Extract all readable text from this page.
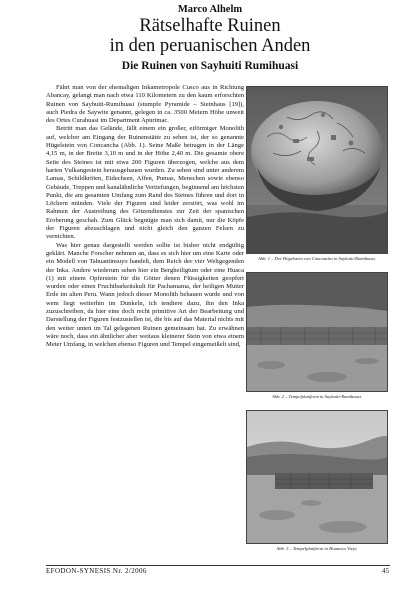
Marco Alhelm
Rätselhafte Ruinen
in den peruanischen Anden
Die Ruinen von Sayhuiti Rumihuasi

Fährt man von der ehemaligen Inkametropole Cusco aus in Richtung Abancay, gelangt man nach etwa 110 Kilometern zu den kaum erforschten Ruinen von Sayhuiti-Rumihuasi (stumpfe Pyramide – Steinhaus [19]), auch Piedra de Saywite genannt, gelegen in ca. 3500 Metern Höhe unweit des Ortes Curahuasi im Department Apurimac.

Betritt man das Gelände, fällt einem ein großer, eiförmiger Monolith auf, welcher am Eingang der Ruinenstätte zu sehen ist, der so genannte Hügelstein von Concancha (Abb. 1). Seine Maße betragen in der Länge 4,15 m, in der Breite 3,10 m und in der Höhe 2,40 m. Die gesamte obere Seite des Steines ist mit etwa 200 Figuren überzogen, welche aus dem harten Vulkangestein herausgehauen wurden. Zu sehen sind unter anderem Lamas, Schildkröten, Eidechsen, Affen, Pumas, Menschen sowie ebenso Gebäude, Treppen und kanalähnliche Vertiefungen, beginnend am höchsten Punkt, die am gesamten Umfang zum Rand des Steines führen und dort in Löchern münden. Viele der Figuren sind leider zerstört, was wohl im Rahmen der Austreibung des Götzendienstes zur Zeit der spanischen Eroberung geschah. Zum Glück begnügte man sich damit, nur die Köpfe der Figuren abzuschlagen und nicht gleich den ganzen Felsen zu vernichten.

Was hier genau dargestellt werden sollte ist bisher nicht endgültig geklärt. Manche Forscher nehmen an, dass es sich hier um eine Karte oder ein Modell von Tahuantinsuyo handelt, dem Reich der vier Weltgegenden der Inka. Andere wiederum sehen hier ein Bergheiligtum oder eine Huaca (1) mit einem Opferstein für die Götter denen Flüssigkeiten geopfert wurden oder einen Fruchtbarkeitskult für Pachamama, der heiligen Mutter Erde im alten Peru. Wann jedoch dieser Monolith behauen wurde und von wem liegt weiterhin im Dunkeln, ich tendiere dazu, ihn den Inka zuzuschreiben, da hier eine doch recht primitive Art der Bearbeitung und Darstellung der Figuren festzustellen ist, die bis auf das Material nichts mit den weiter unten im Tal gelegenen Ruinen gemeinsam hat. Zu erwähnen wäre noch, dass ein ähnlicher aber weitaus kleinerer Stein von etwa einem Meter Umfang, in welchen ebenso Figuren und Tempel eingemeißelt sind,

Abb. 1 – Der Hügelstein von Concancha in Sayhuiti-Rumihuasi.
Abb. 2 – Tempelplattform in Sayhuiti-Rumihuasi.
Abb. 3 – Tempelplattform in Huanuco Viejo.
EFODON-SYNESIS Nr. 2/2006	45
